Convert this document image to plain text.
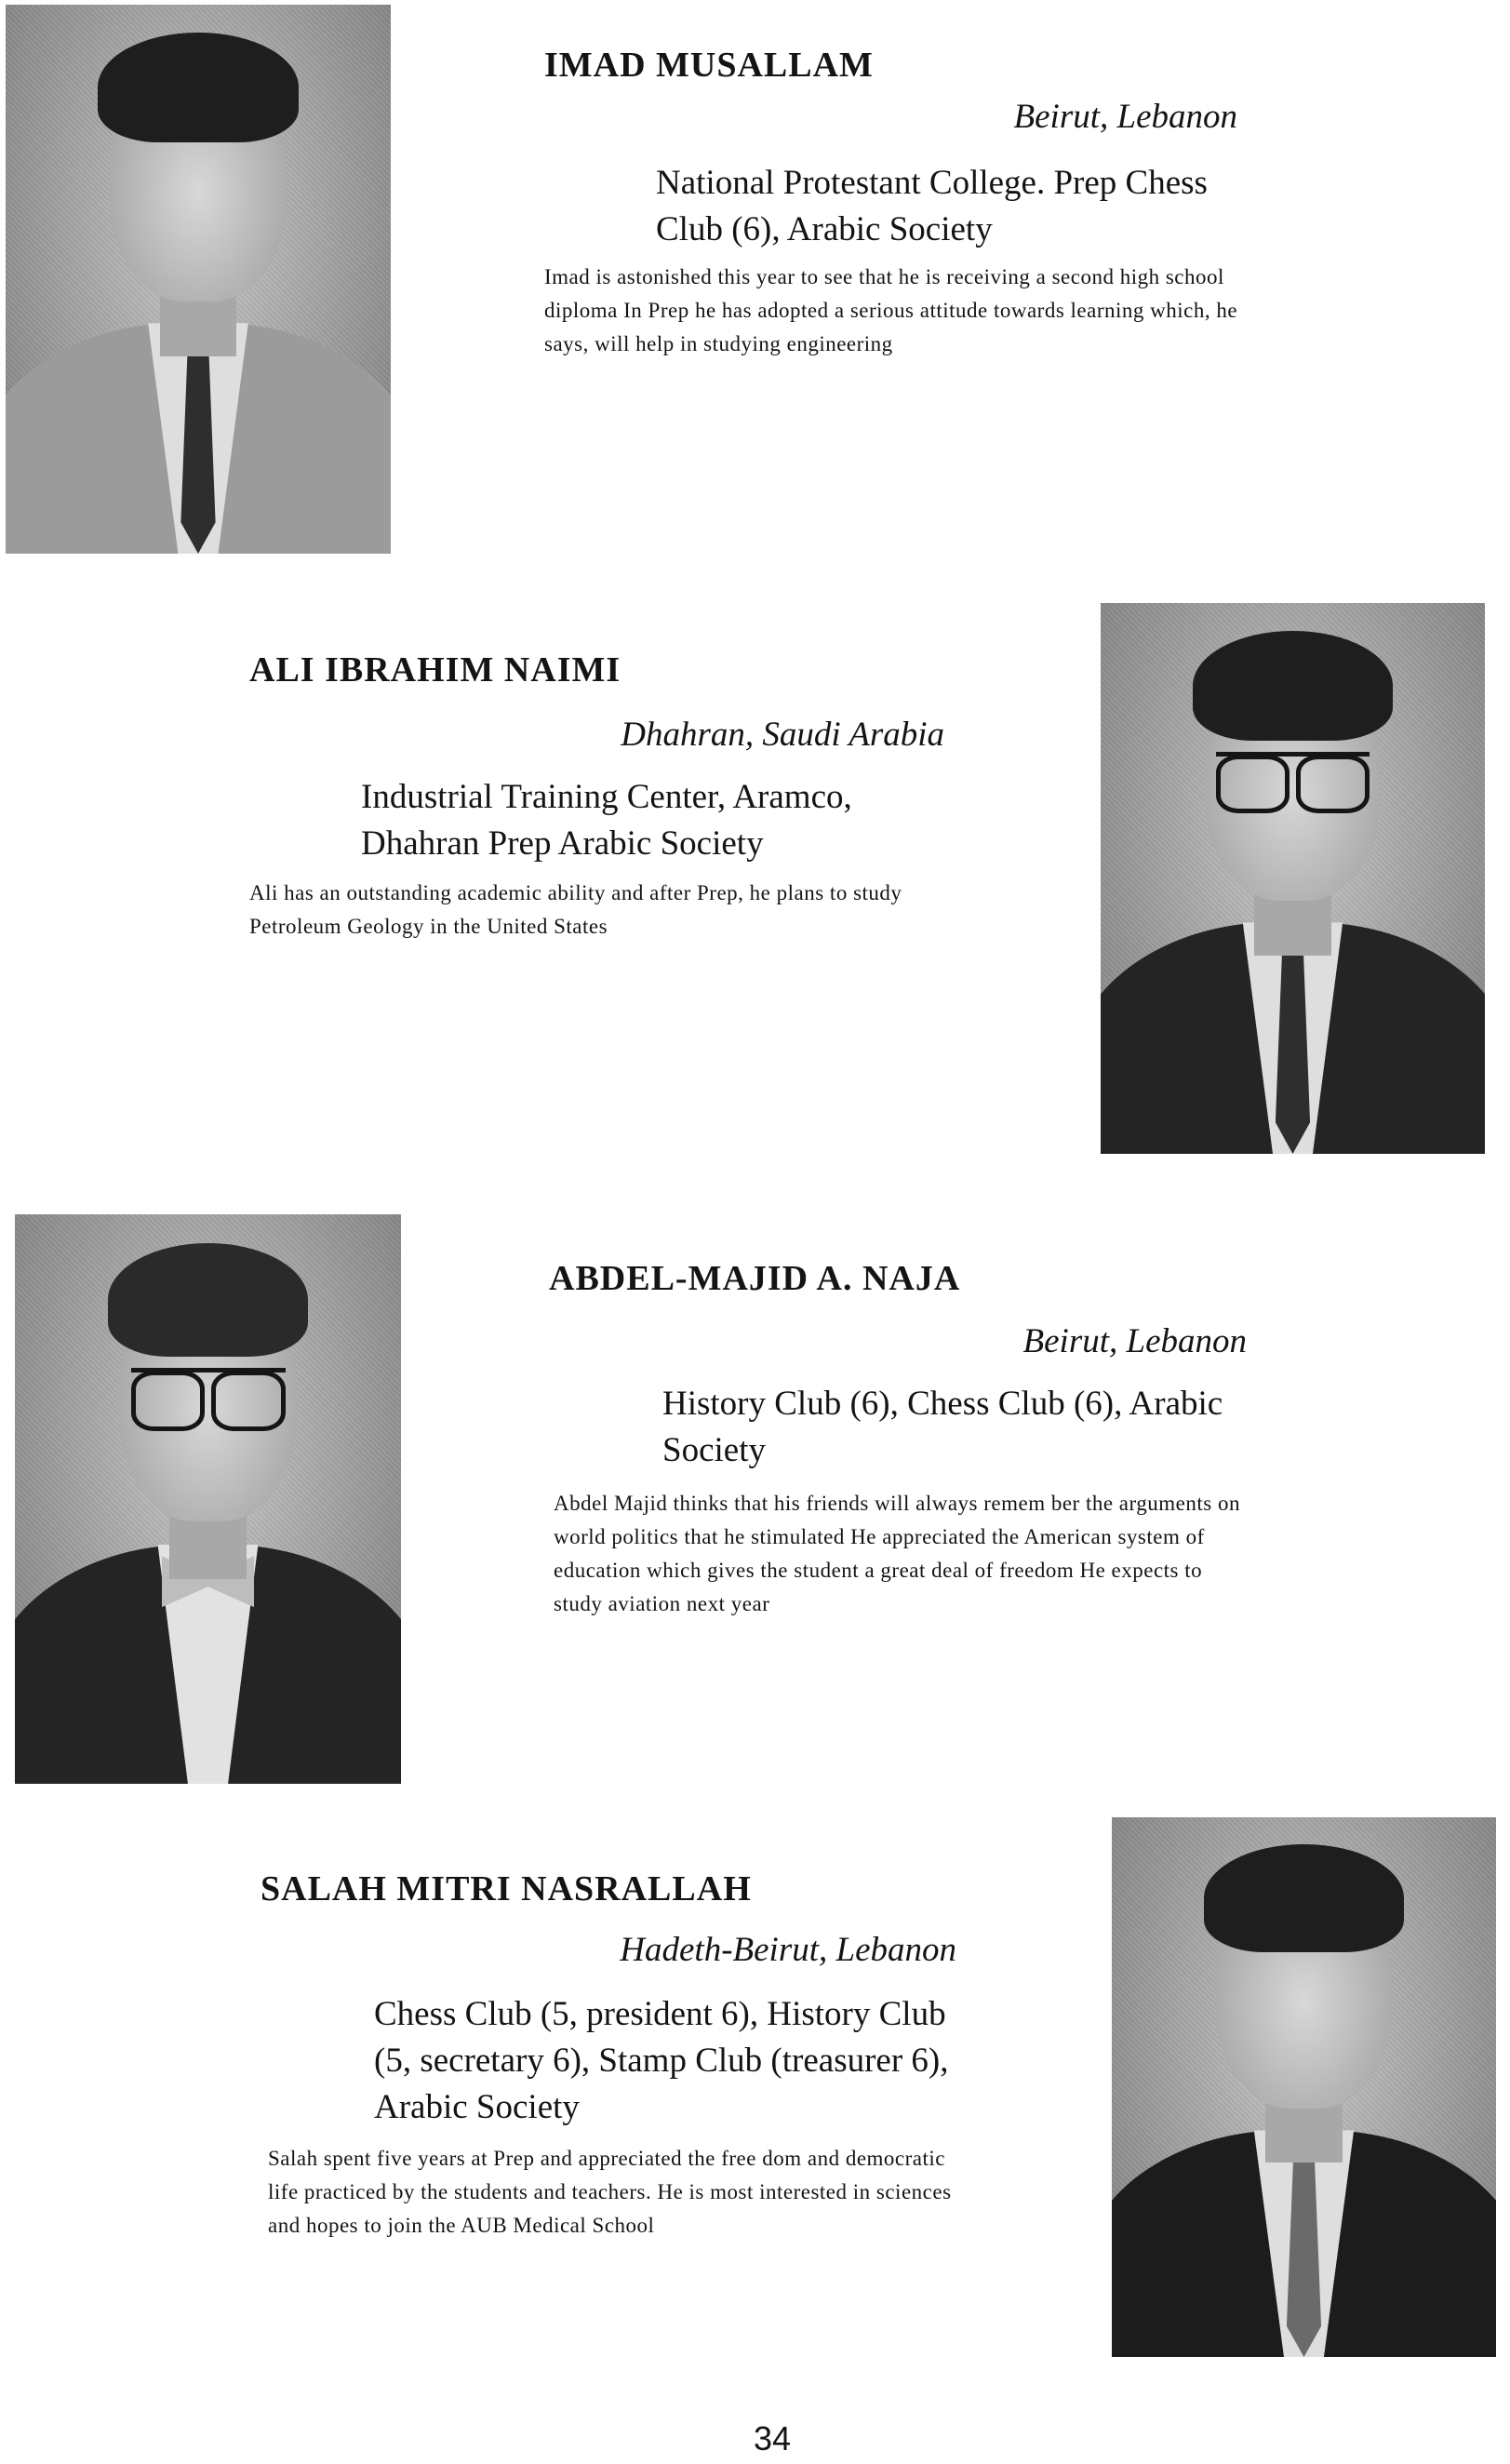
IMAD MUSALLAM

Beirut, Lebanon

National Protestant College. Prep Chess Club (6), Arabic Society

Imad is astonished this year to see that he is receiving a second high school diploma In Prep he has adopted a serious attitude towards learning which, he says, will help in studying engineering

ALI IBRAHIM NAIMI

Dhahran, Saudi Arabia

Industrial Training Center, Aramco, Dhahran Prep Arabic Society

Ali has an outstanding academic ability and after Prep, he plans to study Petroleum Geology in the United States

ABDEL-MAJID A. NAJA

Beirut, Lebanon

History Club (6), Chess Club (6), Arabic Society

Abdel Majid thinks that his friends will always remem ber the arguments on world politics that he stimulated He appreciated the American system of education which gives the student a great deal of freedom He expects to study aviation next year

SALAH MITRI NASRALLAH

Hadeth-Beirut, Lebanon

Chess Club (5, president 6), History Club (5, secretary 6), Stamp Club (treasurer 6), Arabic Society

Salah spent five years at Prep and appreciated the free dom and democratic life practiced by the students and teachers. He is most interested in sciences and hopes to join the AUB Medical School

34
